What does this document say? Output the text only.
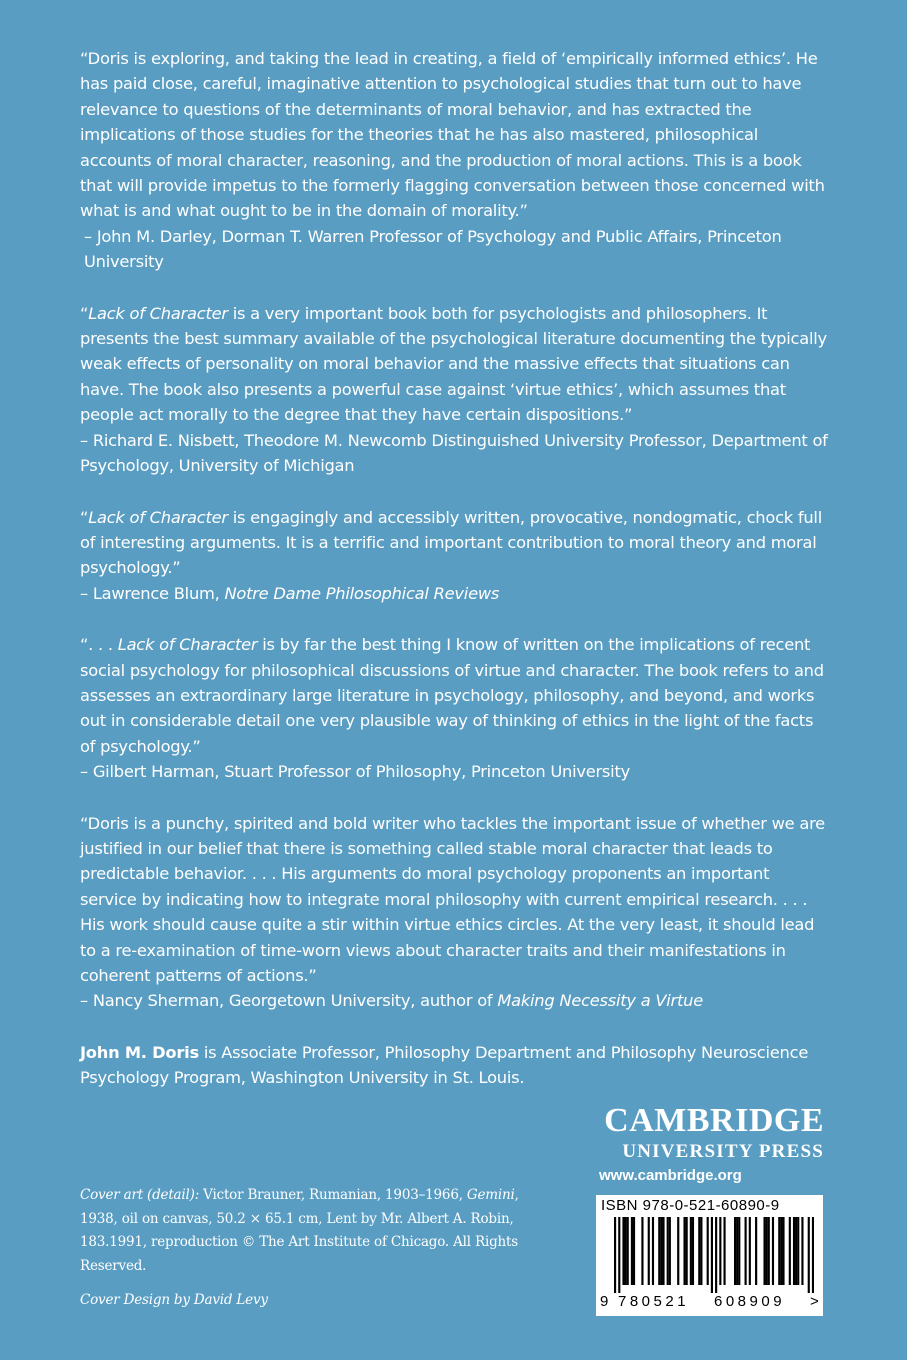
“Doris is exploring, and taking the lead in creating, a field of ‘empirically informed ethics’. He has paid close, careful, imaginative attention to psychological studies that turn out to have relevance to questions of the determinants of moral behavior, and has extracted the implications of those studies for the theories that he has also mastered, philosophical accounts of moral character, reasoning, and the production of moral actions. This is a book that will provide impetus to the formerly flagging conversation between those concerned with what is and what ought to be in the domain of morality.”

– John M. Darley, Dorman T. Warren Professor of Psychology and Public Affairs, Princeton University

“Lack of Character is a very important book both for psychologists and philosophers. It presents the best summary available of the psychological literature documenting the typically weak effects of personality on moral behavior and the massive effects that situations can have. The book also presents a powerful case against ‘virtue ethics’, which assumes that people act morally to the degree that they have certain dispositions.”

– Richard E. Nisbett, Theodore M. Newcomb Distinguished University Professor, Department of Psychology, University of Michigan

“Lack of Character is engagingly and accessibly written, provocative, nondogmatic, chock full of interesting arguments. It is a terrific and important contribution to moral theory and moral psychology.”

– Lawrence Blum, Notre Dame Philosophical Reviews

“. . . Lack of Character is by far the best thing I know of written on the implications of recent social psychology for philosophical discussions of virtue and character. The book refers to and assesses an extraordinary large literature in psychology, philosophy, and beyond, and works out in considerable detail one very plausible way of thinking of ethics in the light of the facts of psychology.”

– Gilbert Harman, Stuart Professor of Philosophy, Princeton University

“Doris is a punchy, spirited and bold writer who tackles the important issue of whether we are justified in our belief that there is something called stable moral character that leads to predictable behavior. . . . His arguments do moral psychology proponents an important service by indicating how to integrate moral philosophy with current empirical research. . . . His work should cause quite a stir within virtue ethics circles. At the very least, it should lead to a re-examination of time-worn views about character traits and their manifestations in coherent patterns of actions.”

– Nancy Sherman, Georgetown University, author of Making Necessity a Virtue

John M. Doris is Associate Professor, Philosophy Department and Philosophy Neuroscience Psychology Program, Washington University in St. Louis.

Cover art (detail): Victor Brauner, Rumanian, 1903–1966, Gemini, 1938, oil on canvas, 50.2 × 65.1 cm, Lent by Mr. Albert A. Robin, 183.1991, reproduction © The Art Institute of Chicago. All Rights Reserved.

Cover Design by David Levy

CAMBRIDGE
UNIVERSITY PRESS
www.cambridge.org
ISBN 978-0-521-60890-9
9 780521 608909 >
